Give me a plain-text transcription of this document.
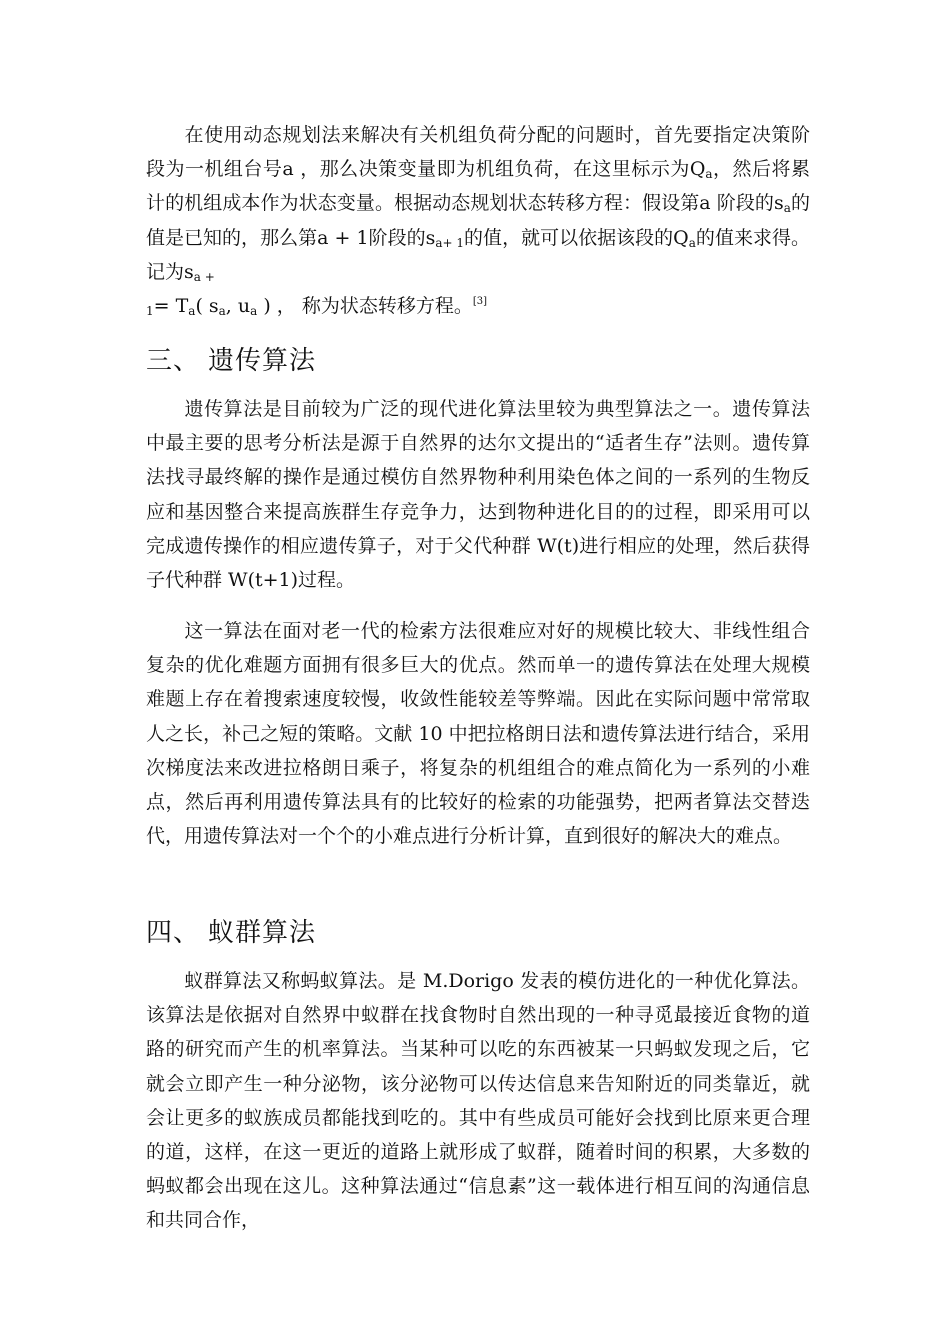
在使用动态规划法来解决有关机组负荷分配的问题时，首先要指定决策阶段为一机组台号a ，那么决策变量即为机组负荷，在这里标示为$Q_a$，然后将累计的机组成本作为状态变量。根据动态规划状态转移方程：假设第a 阶段的$s_a$的值是已知的，那么第a + 1阶段的$s_{a+ 1}$的值，就可以依据该段的$Q_a$的值来求得。记为$s_{a +}$
$_1= T_a$( $s_a$, $u_a$ ) ， 称为状态转移方程。[3]

三、 遗传算法

遗传算法是目前较为广泛的现代进化算法里较为典型算法之一。遗传算法中最主要的思考分析法是源于自然界的达尔文提出的“适者生存”法则。遗传算法找寻最终解的操作是通过模仿自然界物种利用染色体之间的一系列的生物反应和基因整合来提高族群生存竞争力，达到物种进化目的的过程，即采用可以完成遗传操作的相应遗传算子，对于父代种群 W(t)进行相应的处理，然后获得子代种群 W(t+1)过程。

这一算法在面对老一代的检索方法很难应对好的规模比较大、非线性组合复杂的优化难题方面拥有很多巨大的优点。然而单一的遗传算法在处理大规模难题上存在着搜索速度较慢，收敛性能较差等弊端。因此在实际问题中常常取人之长，补己之短的策略。文献 10 中把拉格朗日法和遗传算法进行结合，采用次梯度法来改进拉格朗日乘子，将复杂的机组组合的难点简化为一系列的小难点，然后再利用遗传算法具有的比较好的检索的功能强势，把两者算法交替迭代，用遗传算法对一个个的小难点进行分析计算，直到很好的解决大的难点。

四、 蚁群算法

蚁群算法又称蚂蚁算法。是 M.Dorigo 发表的模仿进化的一种优化算法。该算法是依据对自然界中蚁群在找食物时自然出现的一种寻觅最接近食物的道路的研究而产生的机率算法。当某种可以吃的东西被某一只蚂蚁发现之后，它就会立即产生一种分泌物，该分泌物可以传达信息来告知附近的同类靠近，就会让更多的蚁族成员都能找到吃的。其中有些成员可能好会找到比原来更合理的道，这样，在这一更近的道路上就形成了蚁群，随着时间的积累，大多数的蚂蚁都会出现在这儿。这种算法通过“信息素”这一载体进行相互间的沟通信息和共同合作，
